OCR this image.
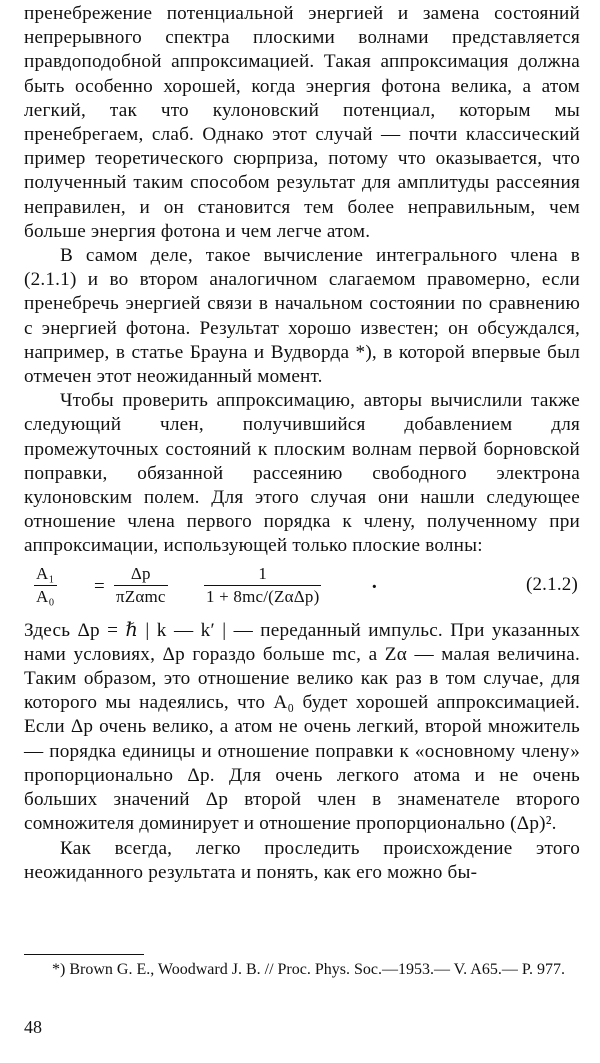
пренебрежение потенциальной энергией и замена состояний непрерывного спектра плоскими волнами представляется правдоподобной аппроксимацией. Такая аппроксимация должна быть особенно хорошей, когда энергия фотона велика, а атом легкий, так что кулоновский потенциал, которым мы пренебрегаем, слаб. Однако этот случай — почти классический пример теоретического сюрприза, потому что оказывается, что полученный таким способом результат для амплитуды рассеяния неправилен, и он становится тем более неправильным, чем больше энергия фотона и чем легче атом.

В самом деле, такое вычисление интегрального члена в (2.1.1) и во втором аналогичном слагаемом правомерно, если пренебречь энергией связи в начальном состоянии по сравнению с энергией фотона. Результат хорошо известен; он обсуждался, например, в статье Брауна и Вудворда *), в которой впервые был отмечен этот неожиданный момент.

Чтобы проверить аппроксимацию, авторы вычислили также следующий член, получившийся добавлением для промежуточных состояний к плоским волнам первой борновской поправки, обязанной рассеянию свободного электрона кулоновским полем. Для этого случая они нашли следующее отношение члена первого порядка к члену, полученному при аппроксимации, использующей только плоские волны:

A₁
A₀ =
Δp
πZαmc
1
1 + 8mc/(ZαΔp)	·	(2.1.2)

Здесь Δp = ℏ | k — k′ | — переданный импульс. При указанных нами условиях, Δp гораздо больше mc, а Zα — малая величина. Таким образом, это отношение велико как раз в том случае, для которого мы надеялись, что A₀ будет хорошей аппроксимацией. Если Δp очень велико, а атом не очень легкий, второй множитель — порядка единицы и отношение поправки к «основному члену» пропорционально Δp. Для очень легкого атома и не очень больших значений Δp второй член в знаменателе второго сомножителя доминирует и отношение пропорционально (Δp)².

Как всегда, легко проследить происхождение этого неожиданного результата и понять, как его можно бы-

*) Brown G. E., Woodward J. B. // Proc. Phys. Soc.—1953.— V. A65.— P. 977.

48
